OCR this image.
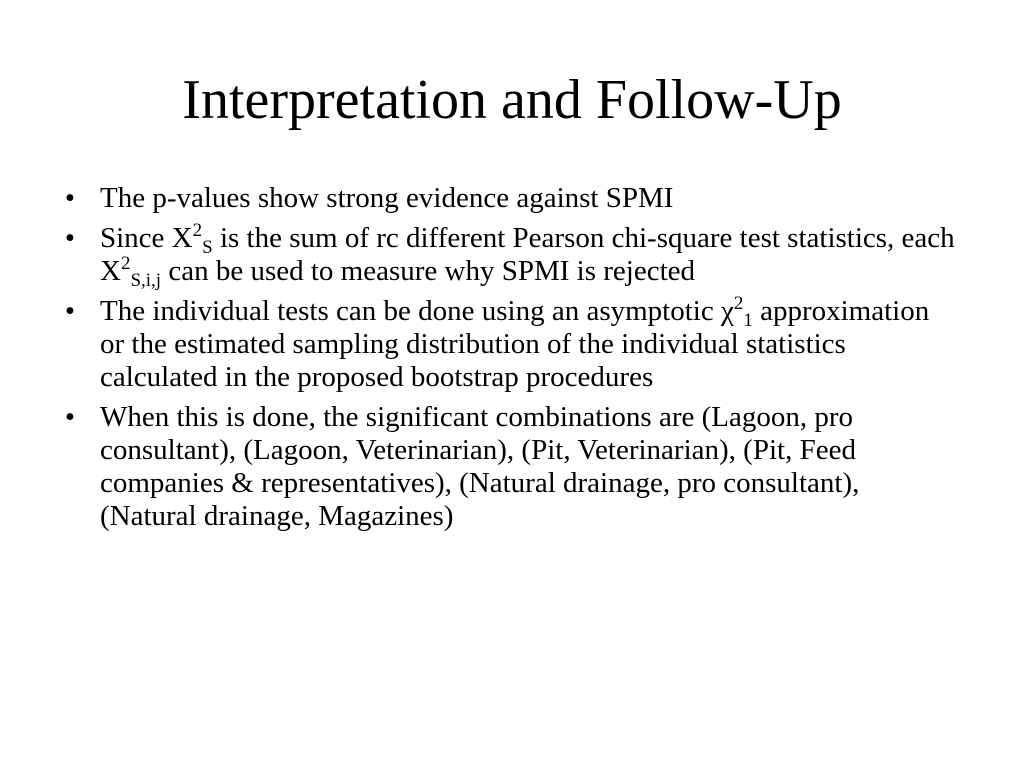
Interpretation and Follow-Up
• The p-values show strong evidence against SPMI
• Since $X^2_S$ is the sum of rc different Pearson chi-square test statistics, each $X^2_{S,i,j}$ can be used to measure why SPMI is rejected
• The individual tests can be done using an asymptotic $\chi^2_1$ approximation or the estimated sampling distribution of the individual statistics calculated in the proposed bootstrap procedures
• When this is done, the significant combinations are (Lagoon, pro consultant), (Lagoon, Veterinarian), (Pit, Veterinarian), (Pit, Feed companies & representatives), (Natural drainage, pro consultant), (Natural drainage, Magazines)
